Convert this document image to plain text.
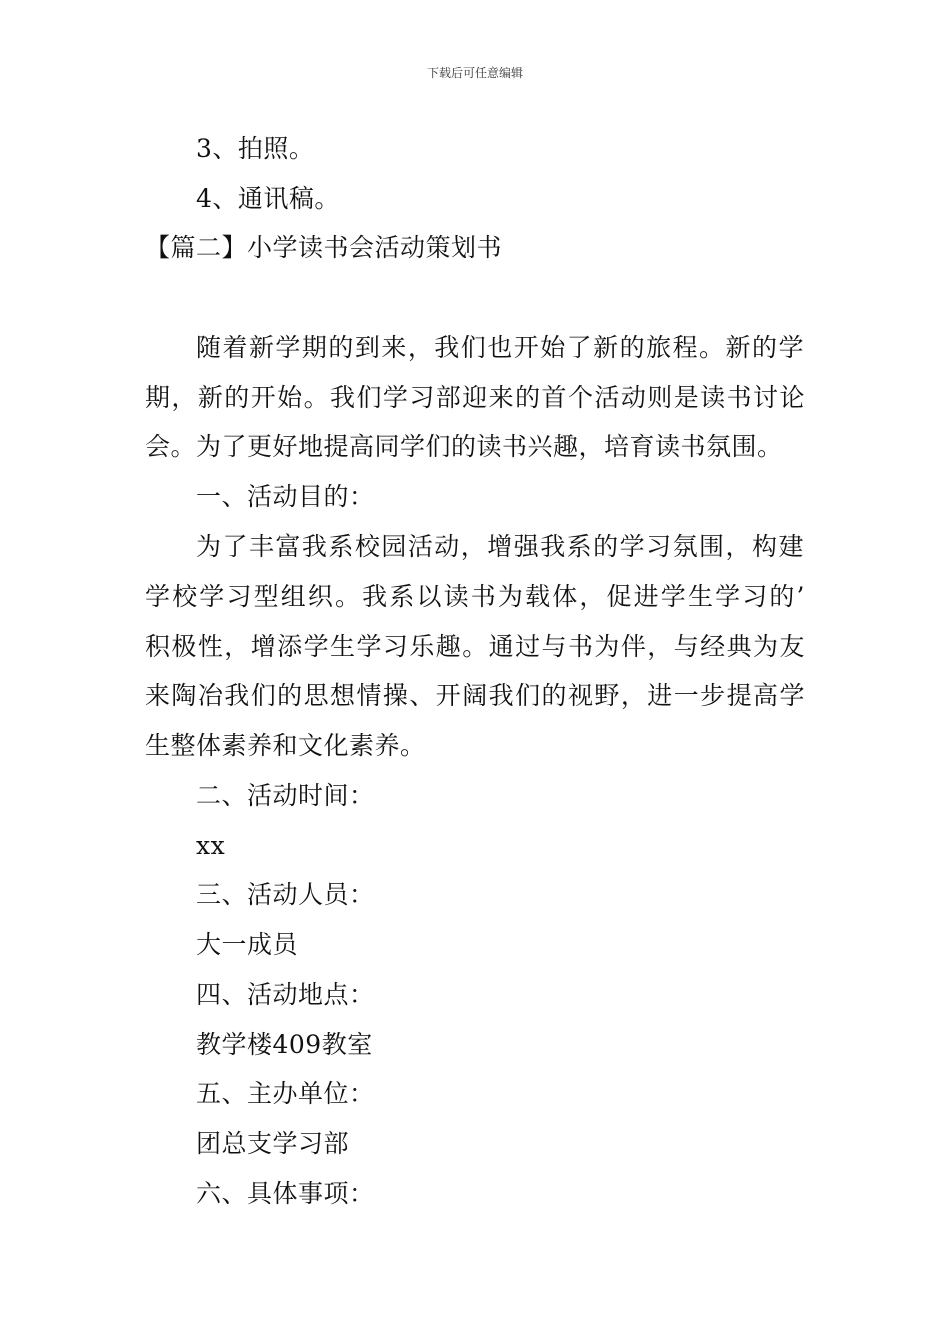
下载后可任意编辑
3、拍照。
4、通讯稿。
【篇二】小学读书会活动策划书
随着新学期的到来，我们也开始了新的旅程。新的学
期，新的开始。我们学习部迎来的首个活动则是读书讨论
会。为了更好地提高同学们的读书兴趣，培育读书氛围。
一、活动目的：
为了丰富我系校园活动，增强我系的学习氛围，构建
学校学习型组织。我系以读书为载体，促进学生学习的’
积极性，增添学生学习乐趣。通过与书为伴，与经典为友
来陶冶我们的思想情操、开阔我们的视野，进一步提高学
生整体素养和文化素养。
二、活动时间：
xx
三、活动人员：
大一成员
四、活动地点：
教学楼409教室
五、主办单位：
团总支学习部
六、具体事项：
